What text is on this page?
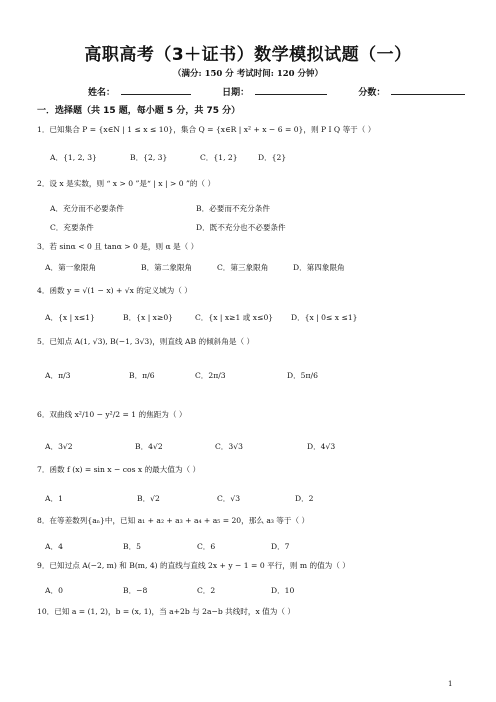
高职高考（3＋证书）数学模拟试题（一）
（满分: 150 分 考试时间: 120 分钟）
姓名：	日期：	分数：
一．选择题（共 15 题，每小题 5 分，共 75 分）
1．已知集合 P = {x∈N | 1 ≤ x ≤ 10}，集合 Q = {x∈R | x² + x − 6 = 0}，则 P I Q 等于（ ）
A．{1, 2, 3}	B．{2, 3}	C．{1, 2}	D．{2}
2．设 x 是实数，则 “ x > 0 ”是“ | x | > 0 ”的（ ）
A．充分而不必要条件	B．必要而不充分条件
C．充要条件	D．既不充分也不必要条件
3．若 sinα < 0 且 tanα > 0 是，则 α 是（ ）
A．第一象限角	B．第二象限角	C．第三象限角	D．第四象限角
4．函数 y = √(1 − x) + √x 的定义域为（ ）
A．{x | x≤1}	B．{x | x≥0}	C．{x | x≥1 或 x≤0} D．{x | 0≤ x ≤1}
5．已知点 A(1, √3), B(−1, 3√3)，则直线 AB 的倾斜角是（ ）
A．π/3	B．π/6	C．2π/3	D．5π/6
6．双曲线 x²/10 − y²/2 = 1 的焦距为（ ）
A．3√2	B．4√2	C．3√3	D．4√3
7．函数 f (x) = sin x − cos x 的最大值为（ ）
A．1	B．√2	C．√3	D．2
8．在等差数列{aₙ}中，已知 a₁ + a₂ + a₃ + a₄ + a₅ = 20，那么 a₃ 等于（ ）
A．4	B．5	C．6	D．7
9．已知过点 A(−2, m) 和 B(m, 4) 的直线与直线 2x + y − 1 = 0 平行，则 m 的值为（ ）
A．0	B．−8	C．2	D．10
10．已知 a = (1, 2)，b = (x, 1)，当 a+2b 与 2a−b 共线时，x 值为（ ）
1
